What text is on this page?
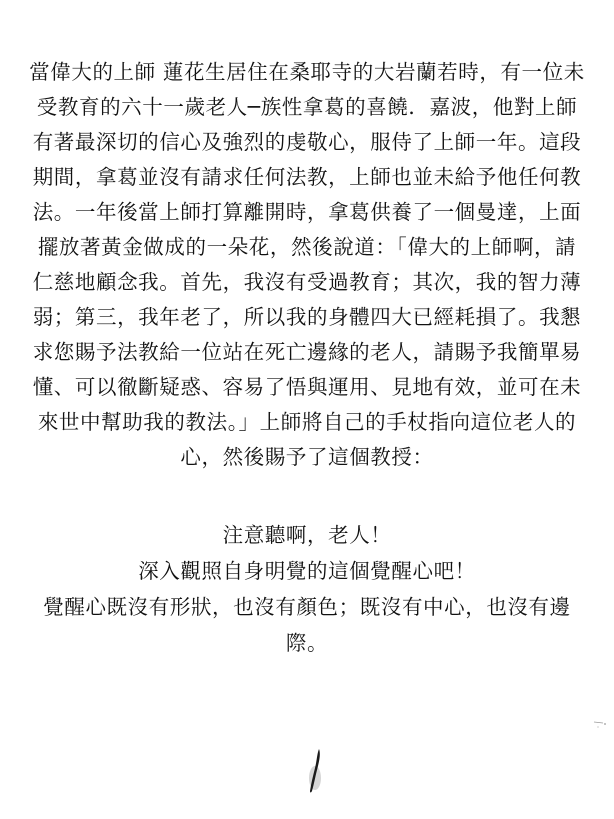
當偉大的上師 蓮花生居住在桑耶寺的大岩蘭若時，有一位未
受教育的六十一歲老人─族性拿葛的喜饒．嘉波，他對上師
有著最深切的信心及強烈的虔敬心，服侍了上師一年。這段
期間，拿葛並沒有請求任何法教，上師也並未給予他任何教
法。一年後當上師打算離開時，拿葛供養了一個曼達，上面
擺放著黃金做成的一朵花，然後說道：「偉大的上師啊，請
仁慈地顧念我。首先，我沒有受過教育；其次，我的智力薄
弱；第三，我年老了，所以我的身體四大已經耗損了。我懇
求您賜予法教給一位站在死亡邊緣的老人，請賜予我簡單易
懂、可以徹斷疑惑、容易了悟與運用、見地有效，並可在未
來世中幫助我的教法。」上師將自己的手杖指向這位老人的
心，然後賜予了這個教授：
注意聽啊，老人！
深入觀照自身明覺的這個覺醒心吧！
覺醒心既沒有形狀，也沒有顏色；既沒有中心，也沒有邊
際。
